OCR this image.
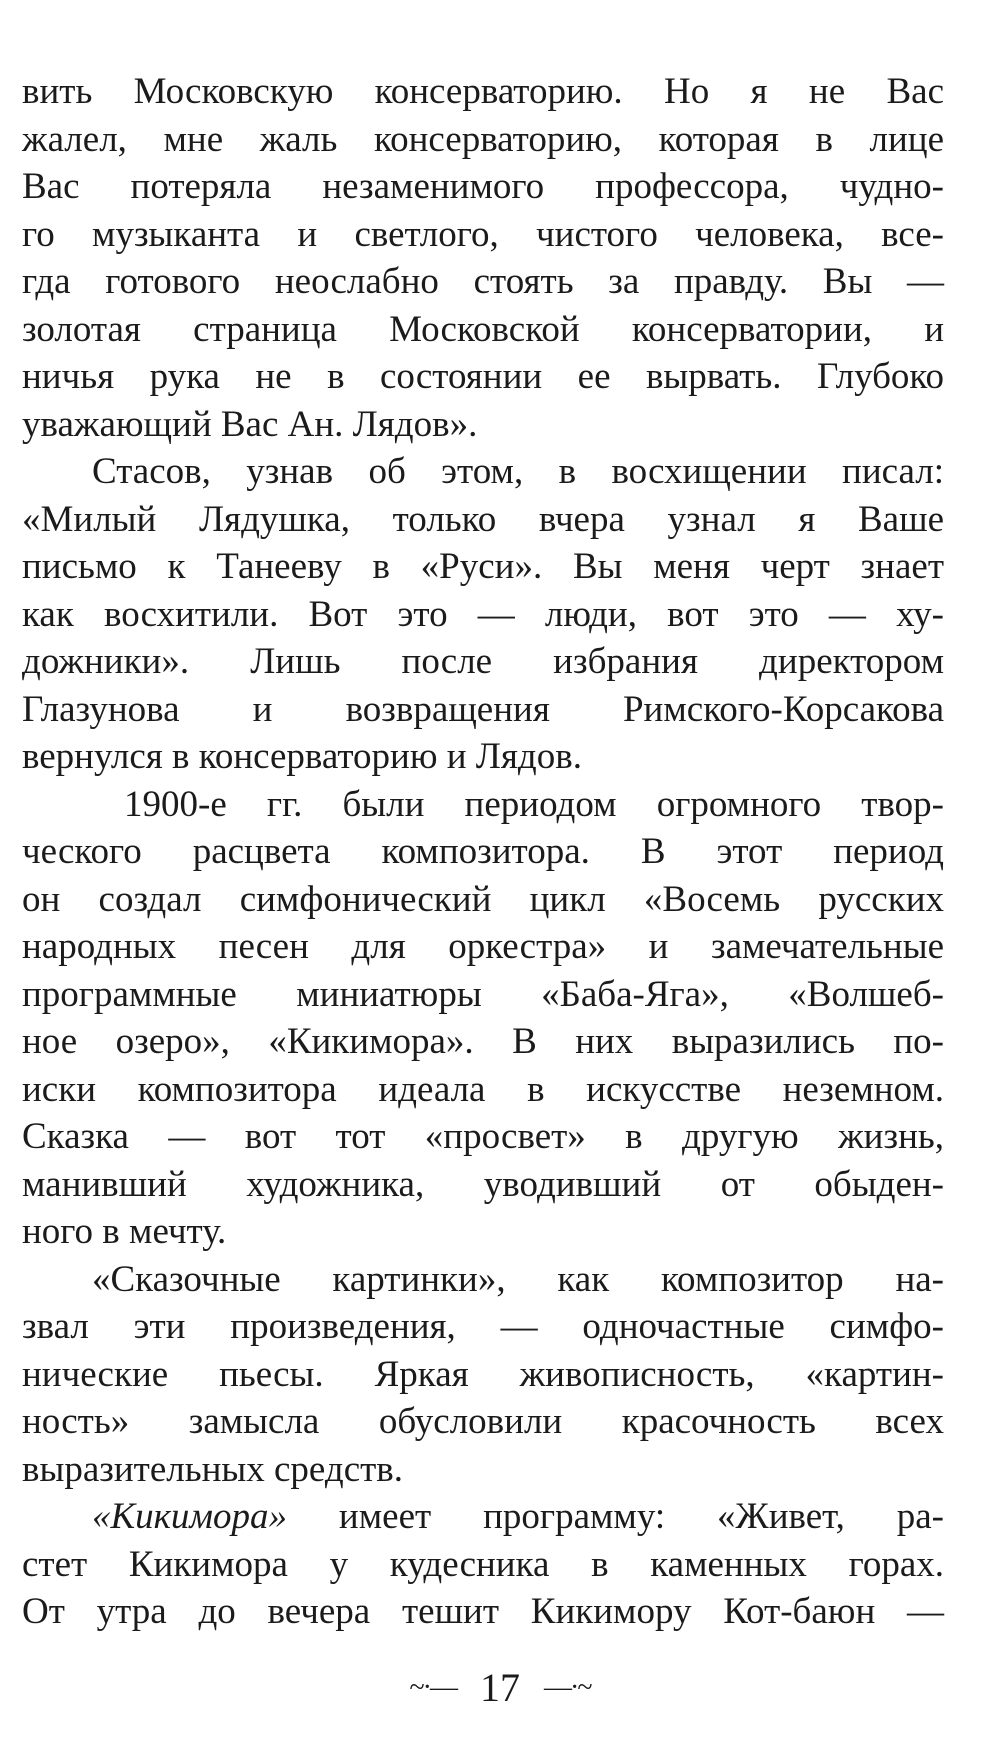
вить Московскую консерваторию. Но я не Вас
жалел, мне жаль консерваторию, которая в лице
Вас потеряла незаменимого профессора, чудно-
го музыканта и светлого, чистого человека, все-
гда готового неослабно стоять за правду. Вы —
золотая страница Московской консерватории, и
ничья рука не в состоянии ее вырвать. Глубоко
уважающий Вас Ан. Лядов».
Стасов, узнав об этом, в восхищении писал:
«Милый Лядушка, только вчера узнал я Ваше
письмо к Танееву в «Руси». Вы меня черт знает
как восхитили. Вот это — люди, вот это — ху-
дожники». Лишь после избрания директором
Глазунова и возвращения Римского-Корсакова
вернулся в консерваторию и Лядов.
1900-е гг. были периодом огромного твор-
ческого расцвета композитора. В этот период
он создал симфонический цикл «Восемь русских
народных песен для оркестра» и замечательные
программные миниатюры «Баба-Яга», «Волшеб-
ное озеро», «Кикимора». В них выразились по-
иски композитора идеала в искусстве неземном.
Сказка — вот тот «просвет» в другую жизнь,
манивший художника, уводивший от обыден-
ного в мечту.
«Сказочные картинки», как композитор на-
звал эти произведения, — одночастные симфо-
нические пьесы. Яркая живописность, «картин-
ность» замысла обусловили красочность всех
выразительных средств.
«Кикимора» имеет программу: «Живет, ра-
стет Кикимора у кудесника в каменных горах.
От утра до вечера тешит Кикимору Кот-баюн —
~·— 17 —·~
